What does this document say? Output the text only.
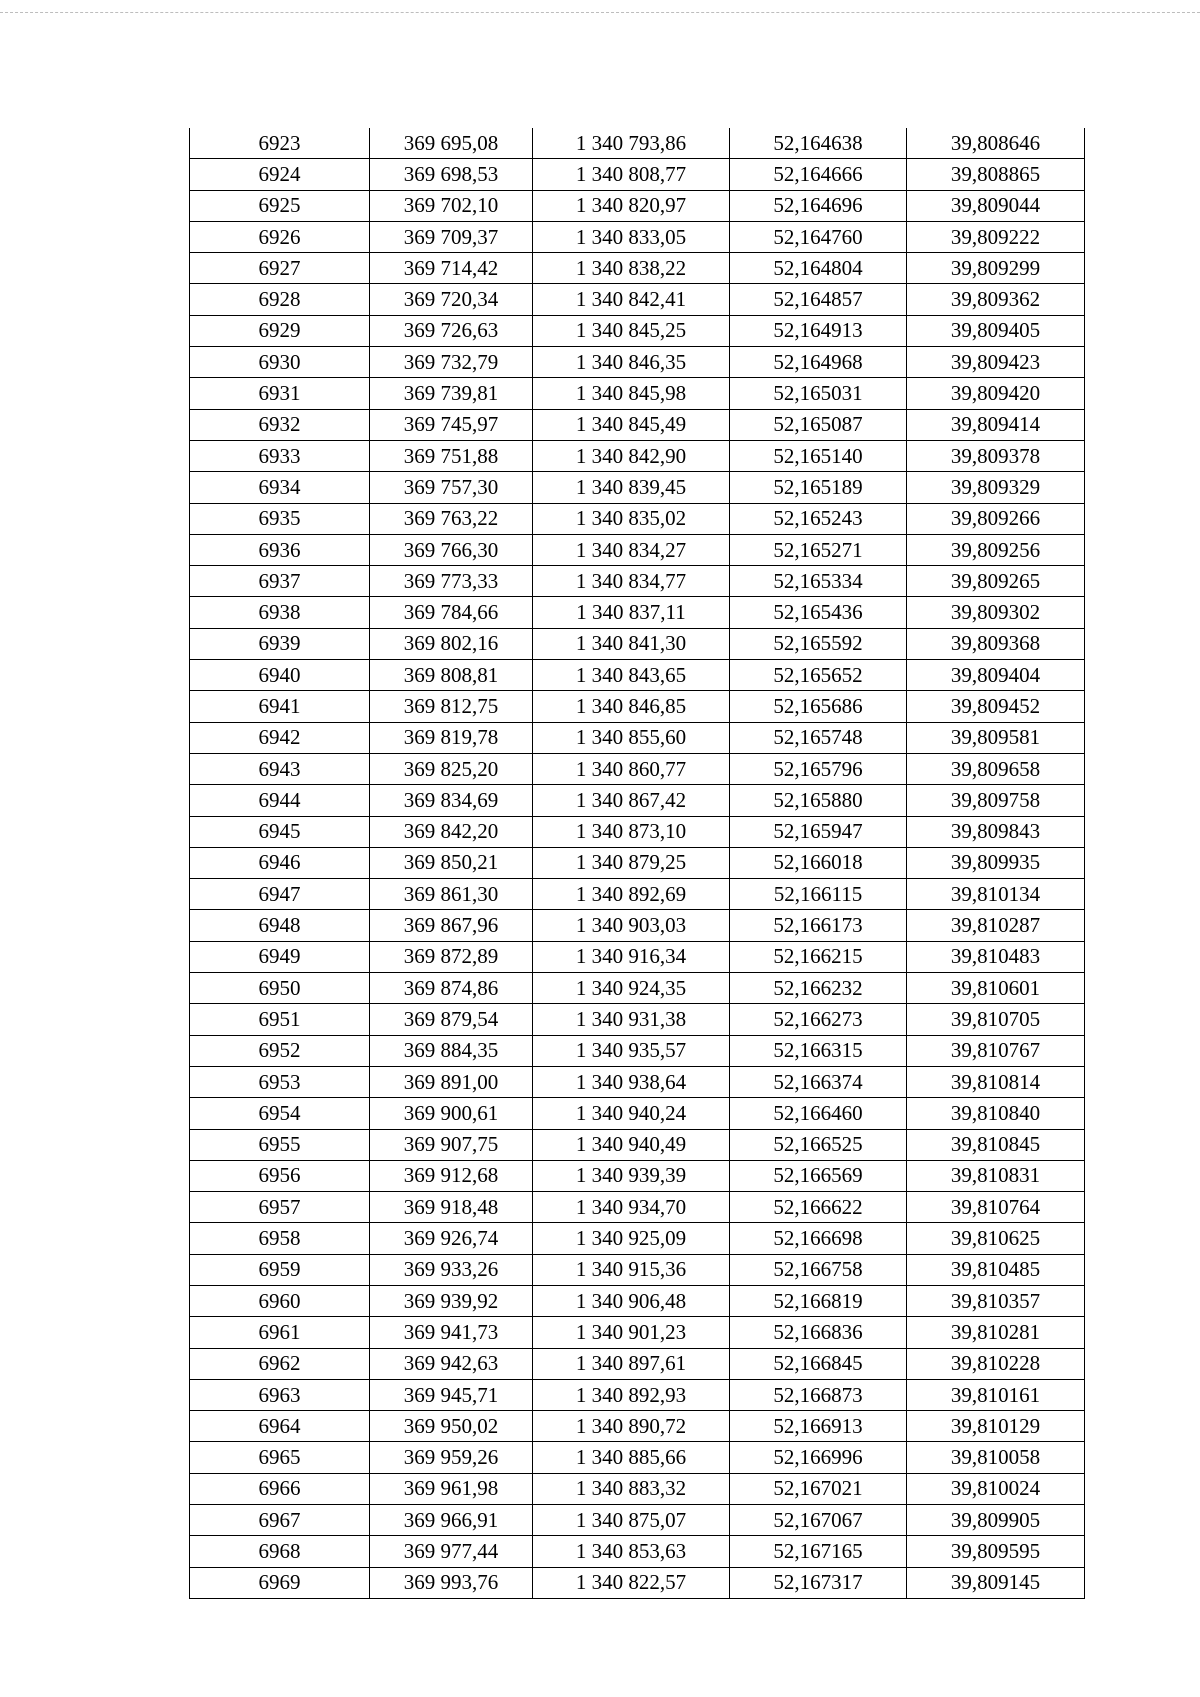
6923	369 695,08	1 340 793,86	52,164638	39,808646
6924	369 698,53	1 340 808,77	52,164666	39,808865
6925	369 702,10	1 340 820,97	52,164696	39,809044
6926	369 709,37	1 340 833,05	52,164760	39,809222
6927	369 714,42	1 340 838,22	52,164804	39,809299
6928	369 720,34	1 340 842,41	52,164857	39,809362
6929	369 726,63	1 340 845,25	52,164913	39,809405
6930	369 732,79	1 340 846,35	52,164968	39,809423
6931	369 739,81	1 340 845,98	52,165031	39,809420
6932	369 745,97	1 340 845,49	52,165087	39,809414
6933	369 751,88	1 340 842,90	52,165140	39,809378
6934	369 757,30	1 340 839,45	52,165189	39,809329
6935	369 763,22	1 340 835,02	52,165243	39,809266
6936	369 766,30	1 340 834,27	52,165271	39,809256
6937	369 773,33	1 340 834,77	52,165334	39,809265
6938	369 784,66	1 340 837,11	52,165436	39,809302
6939	369 802,16	1 340 841,30	52,165592	39,809368
6940	369 808,81	1 340 843,65	52,165652	39,809404
6941	369 812,75	1 340 846,85	52,165686	39,809452
6942	369 819,78	1 340 855,60	52,165748	39,809581
6943	369 825,20	1 340 860,77	52,165796	39,809658
6944	369 834,69	1 340 867,42	52,165880	39,809758
6945	369 842,20	1 340 873,10	52,165947	39,809843
6946	369 850,21	1 340 879,25	52,166018	39,809935
6947	369 861,30	1 340 892,69	52,166115	39,810134
6948	369 867,96	1 340 903,03	52,166173	39,810287
6949	369 872,89	1 340 916,34	52,166215	39,810483
6950	369 874,86	1 340 924,35	52,166232	39,810601
6951	369 879,54	1 340 931,38	52,166273	39,810705
6952	369 884,35	1 340 935,57	52,166315	39,810767
6953	369 891,00	1 340 938,64	52,166374	39,810814
6954	369 900,61	1 340 940,24	52,166460	39,810840
6955	369 907,75	1 340 940,49	52,166525	39,810845
6956	369 912,68	1 340 939,39	52,166569	39,810831
6957	369 918,48	1 340 934,70	52,166622	39,810764
6958	369 926,74	1 340 925,09	52,166698	39,810625
6959	369 933,26	1 340 915,36	52,166758	39,810485
6960	369 939,92	1 340 906,48	52,166819	39,810357
6961	369 941,73	1 340 901,23	52,166836	39,810281
6962	369 942,63	1 340 897,61	52,166845	39,810228
6963	369 945,71	1 340 892,93	52,166873	39,810161
6964	369 950,02	1 340 890,72	52,166913	39,810129
6965	369 959,26	1 340 885,66	52,166996	39,810058
6966	369 961,98	1 340 883,32	52,167021	39,810024
6967	369 966,91	1 340 875,07	52,167067	39,809905
6968	369 977,44	1 340 853,63	52,167165	39,809595
6969	369 993,76	1 340 822,57	52,167317	39,809145
